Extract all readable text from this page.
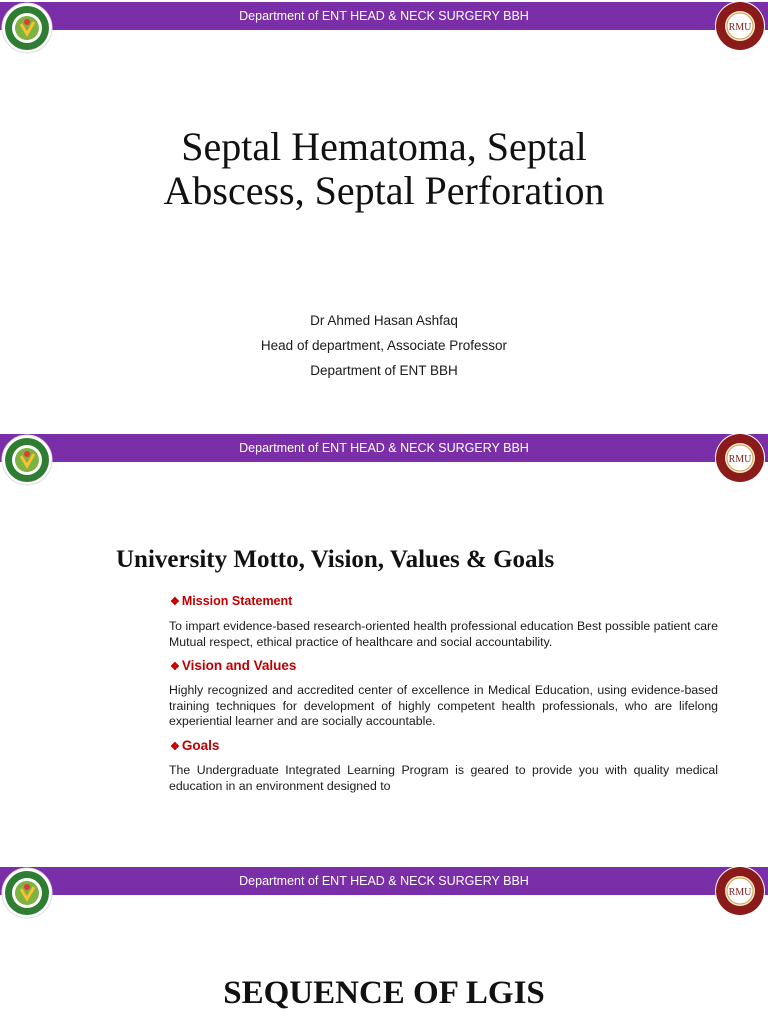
Department of ENT HEAD & NECK SURGERY BBH
RMU
Septal Hematoma, Septal
Abscess, Septal Perforation
Dr Ahmed Hasan Ashfaq
Head of department, Associate Professor
Department of ENT BBH
Department of ENT HEAD & NECK SURGERY BBH
RMU
University Motto, Vision, Values & Goals
❖ Mission Statement
To impart evidence-based research-oriented health professional education Best possible patient care Mutual respect, ethical practice of healthcare and social accountability.
❖ Vision and Values
Highly recognized and accredited center of excellence in Medical Education, using evidence-based training techniques for development of highly competent health professionals, who are lifelong experiential learner and are socially accountable.
❖ Goals
The Undergraduate Integrated Learning Program is geared to provide you with quality medical education in an environment designed to
Department of ENT HEAD & NECK SURGERY BBH
RMU
SEQUENCE OF LGIS
